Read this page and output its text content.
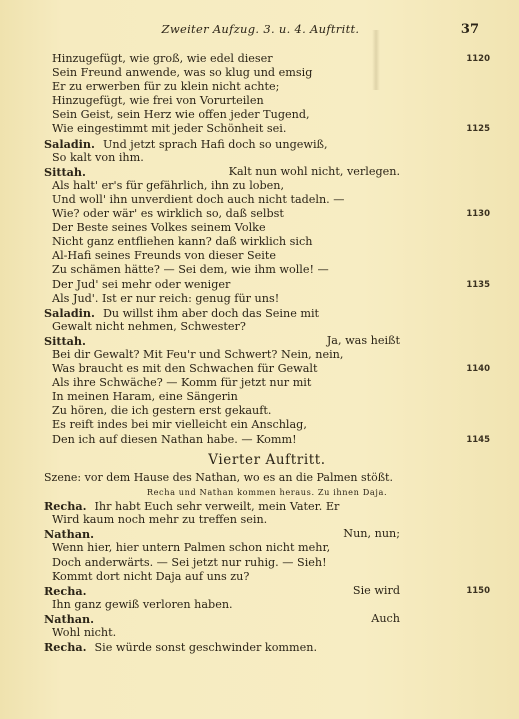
Zweiter Aufzug. 3. u. 4. Auftritt.	37
Hinzugefügt, wie groß, wie edel dieser	1120
Sein Freund anwende, was so klug und emsig
Er zu erwerben für zu klein nicht achte;
Hinzugefügt, wie frei von Vorurteilen
Sein Geist, sein Herz wie offen jeder Tugend,
Wie eingestimmt mit jeder Schönheit sei.	1125
Saladin. Und jetzt sprach Hafi doch so ungewiß,
So kalt von ihm.
Sittah.	Kalt nun wohl nicht, verlegen.
Als halt' er's für gefährlich, ihn zu loben,
Und woll' ihn unverdient doch auch nicht tadeln. —
Wie? oder wär' es wirklich so, daß selbst	1130
Der Beste seines Volkes seinem Volke
Nicht ganz entfliehen kann? daß wirklich sich
Al-Hafi seines Freunds von dieser Seite
Zu schämen hätte? — Sei dem, wie ihm wolle! —
Der Jud' sei mehr oder weniger	1135
Als Jud'. Ist er nur reich: genug für uns!
Saladin. Du willst ihm aber doch das Seine mit
Gewalt nicht nehmen, Schwester?
Sittah.	Ja, was heißt
Bei dir Gewalt? Mit Feu'r und Schwert? Nein, nein,
Was braucht es mit den Schwachen für Gewalt	1140
Als ihre Schwäche? — Komm für jetzt nur mit
In meinen Haram, eine Sängerin
Zu hören, die ich gestern erst gekauft.
Es reift indes bei mir vielleicht ein Anschlag,
Den ich auf diesen Nathan habe. — Komm!	1145
Vierter Auftritt.
Szene: vor dem Hause des Nathan, wo es an die Palmen stößt.
Recha und Nathan kommen heraus. Zu ihnen Daja.
Recha. Ihr habt Euch sehr verweilt, mein Vater. Er
Wird kaum noch mehr zu treffen sein.
Nathan.	Nun, nun;
Wenn hier, hier untern Palmen schon nicht mehr,
Doch anderwärts. — Sei jetzt nur ruhig. — Sieh!
Kommt dort nicht Daja auf uns zu?
Recha.	Sie wird	1150
Ihn ganz gewiß verloren haben.
Nathan.	Auch
Wohl nicht.
Recha. Sie würde sonst geschwinder kommen.
